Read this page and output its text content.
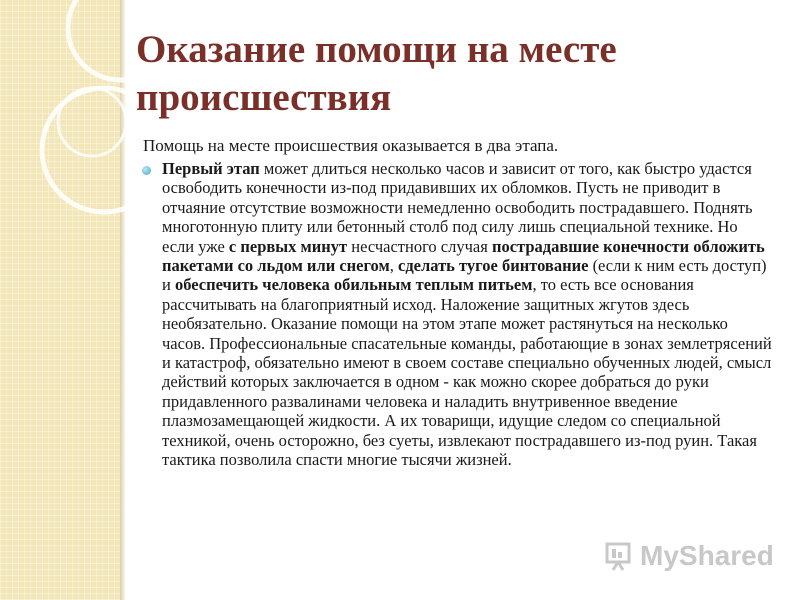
Оказание помощи на месте происшествия

Помощь на месте происшествия оказывается в два этапа.

Первый этап может длиться несколько часов и зависит от того, как быстро удастся освободить конечности из-под придавивших их обломков. Пусть не приводит в отчаяние отсутствие возможности немедленно освободить пострадавшего. Поднять многотонную плиту или бетонный столб под силу лишь специальной технике. Но если уже с первых минут несчастного случая пострадавшие конечности обложить пакетами со льдом или снегом, сделать тугое бинтование (если к ним есть доступ) и обеспечить человека обильным теплым питьем, то есть все основания рассчитывать на благоприятный исход. Наложение защитных жгутов здесь необязательно. Оказание помощи на этом этапе может растянуться на несколько часов. Профессиональные спасательные команды, работающие в зонах землетрясений и катастроф, обязательно имеют в своем составе специально обученных людей, смысл действий которых заключается в одном - как можно скорее добраться до руки придавленного развалинами человека и наладить внутривенное введение плазмозамещающей жидкости. А их товарищи, идущие следом со специальной техникой, очень осторожно, без суеты, извлекают пострадавшего из-под руин. Такая тактика позволила спасти многие тысячи жизней.

MyShared
